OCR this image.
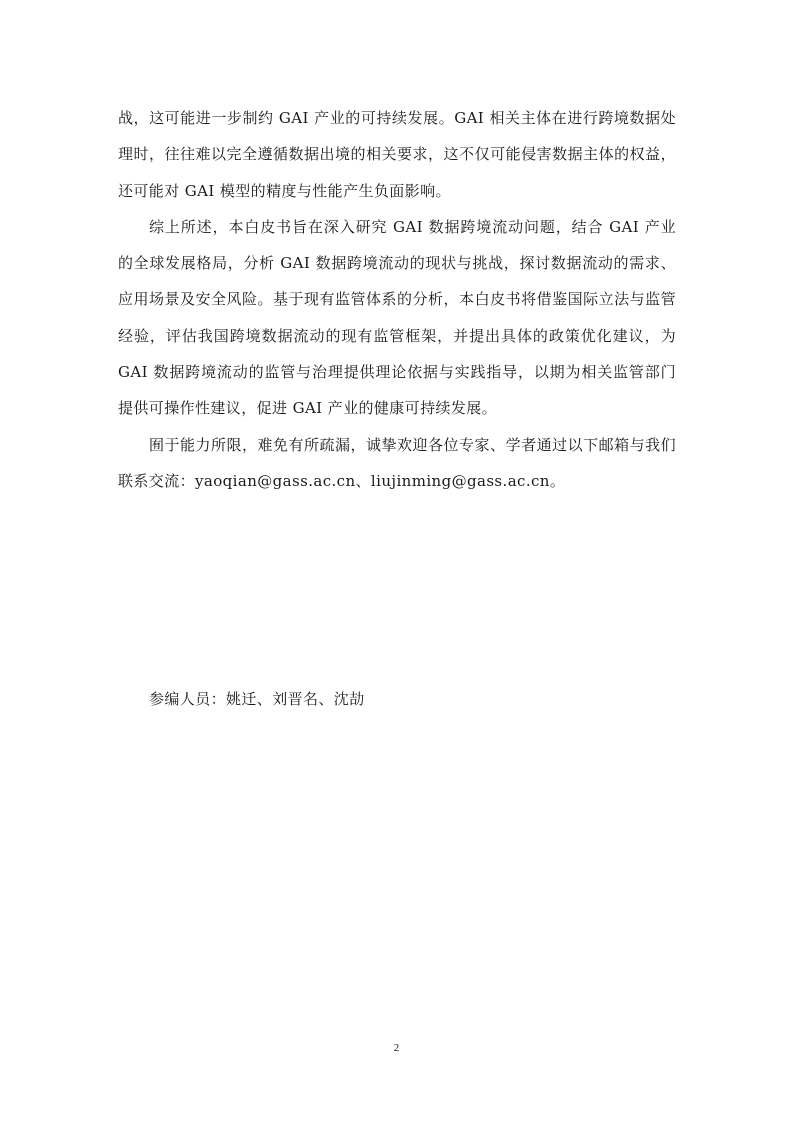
战，这可能进一步制约 GAI 产业的可持续发展。GAI 相关主体在进行跨境数据处理时，往往难以完全遵循数据出境的相关要求，这不仅可能侵害数据主体的权益，还可能对 GAI 模型的精度与性能产生负面影响。

综上所述，本白皮书旨在深入研究 GAI 数据跨境流动问题，结合 GAI 产业的全球发展格局，分析 GAI 数据跨境流动的现状与挑战，探讨数据流动的需求、应用场景及安全风险。基于现有监管体系的分析，本白皮书将借鉴国际立法与监管经验，评估我国跨境数据流动的现有监管框架，并提出具体的政策优化建议，为 GAI 数据跨境流动的监管与治理提供理论依据与实践指导，以期为相关监管部门提供可操作性建议，促进 GAI 产业的健康可持续发展。

囿于能力所限，难免有所疏漏，诚挚欢迎各位专家、学者通过以下邮箱与我们联系交流：yaoqian@gass.ac.cn、liujinming@gass.ac.cn。

参编人员：姚迁、刘晋名、沈劼

2
